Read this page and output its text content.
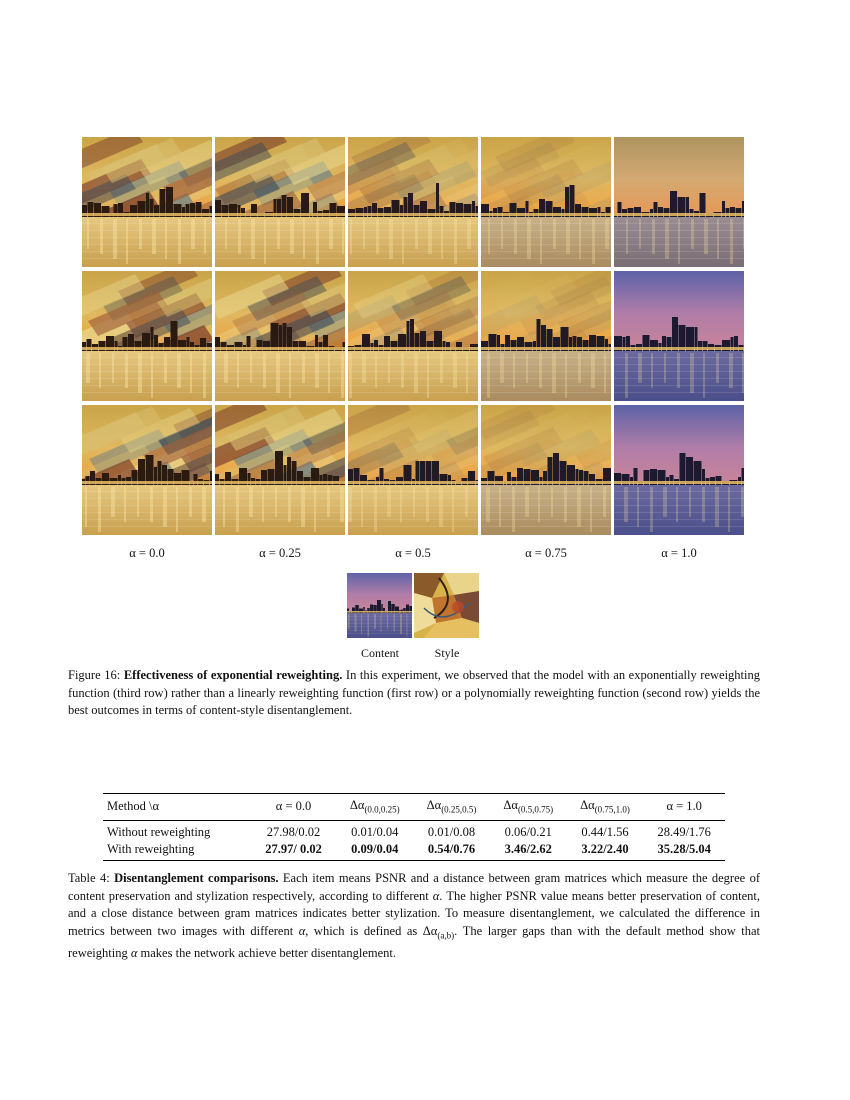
α = 0.0	α = 0.25	α = 0.5	α = 0.75	α = 1.0
Content	Style

Figure 16: Effectiveness of exponential reweighting. In this experiment, we observed that the model with an exponentially reweighting function (third row) rather than a linearly reweighting function (first row) or a polynomially reweighting function (second row) yields the best outcomes in terms of content-style disentanglement.

Method \α	α = 0.0	$\Delta\alpha_{(0.0,0.25)}$	$\Delta\alpha_{(0.25,0.5)}$	$\Delta\alpha_{(0.5,0.75)}$	$\Delta\alpha_{(0.75,1.0)}$	α = 1.0
Without reweighting	27.98/0.02	0.01/0.04	0.01/0.08	0.06/0.21	0.44/1.56	28.49/1.76
With reweighting	27.97/ 0.02	0.09/0.04	0.54/0.76	3.46/2.62	3.22/2.40	35.28/5.04

Table 4: Disentanglement comparisons. Each item means PSNR and a distance between gram matrices which measure the degree of content preservation and stylization respectively, according to different α. The higher PSNR value means better preservation of content, and a close distance between gram matrices indicates better stylization. To measure disentanglement, we calculated the difference in metrics between two images with different α, which is defined as $\Delta\alpha_{(a,b)}$. The larger gaps than with the default method show that reweighting α makes the network achieve better disentanglement.
